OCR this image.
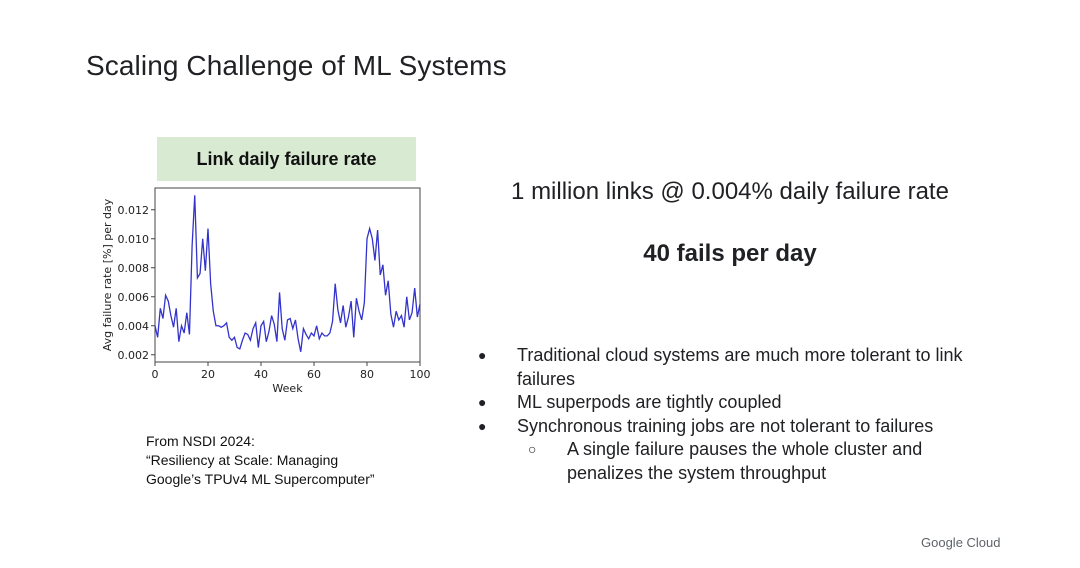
Scaling Challenge of ML Systems
Link daily failure rate
0.002
0.004
0.006
0.008
0.010
0.012
0	20	40	60	80	100
Week
Avg failure rate [%] per day
From NSDI 2024:
“Resiliency at Scale: Managing
Google’s TPUv4 ML Supercomputer”
1 million links @ 0.004% daily failure rate
40 fails per day
●	Traditional cloud systems are much more tolerant to link failures
●	ML superpods are tightly coupled
●	Synchronous training jobs are not tolerant to failures
○	A single failure pauses the whole cluster and penalizes the system throughput
Google Cloud
